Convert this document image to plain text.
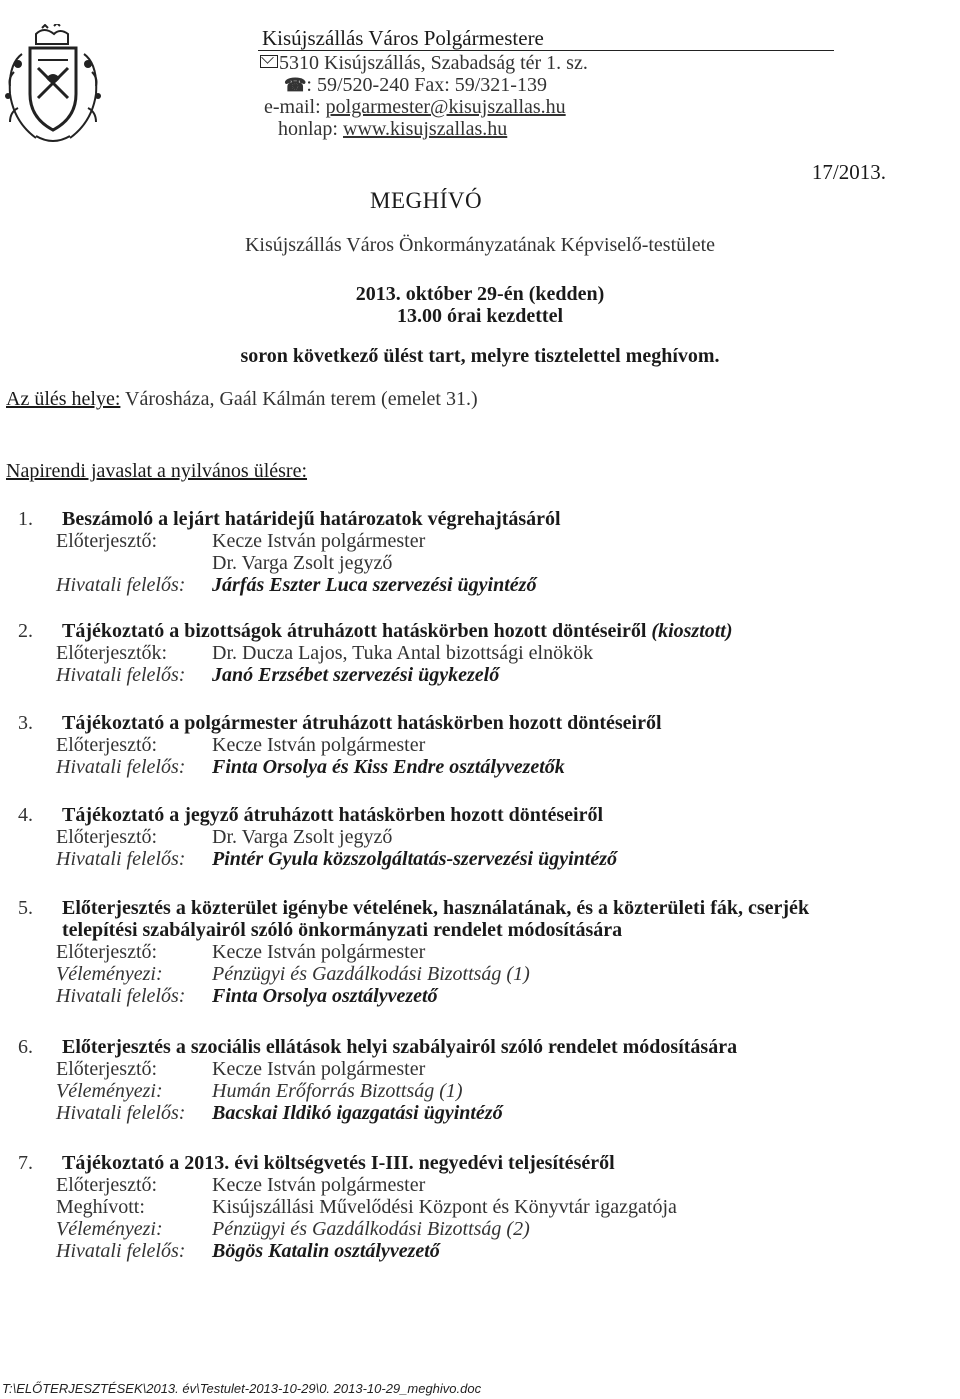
Kisújszállás Város Polgármestere
5310 Kisújszállás, Szabadság tér 1. sz.
☎: 59/520-240 Fax: 59/321-139
e-mail: polgarmester@kisujszallas.hu
honlap: www.kisujszallas.hu
17/2013.
MEGHÍVÓ
Kisújszállás Város Önkormányzatának Képviselő-testülete
2013. október 29-én (kedden)
13.00 órai kezdettel
soron következő ülést tart, melyre tisztelettel meghívom.
Az ülés helye: Városháza, Gaál Kálmán terem (emelet 31.)
Napirendi javaslat a nyilvános ülésre:
1. Beszámoló a lejárt határidejű határozatok végrehajtásáról
Előterjesztő:	Kecze István polgármester
Dr. Varga Zsolt jegyző
Hivatali felelős: Járfás Eszter Luca szervezési ügyintéző
2. Tájékoztató a bizottságok átruházott hatáskörben hozott döntéseiről (kiosztott)
Előterjesztők: Dr. Ducza Lajos, Tuka Antal bizottsági elnökök
Hivatali felelős: Janó Erzsébet szervezési ügykezelő
3. Tájékoztató a polgármester átruházott hatáskörben hozott döntéseiről
Előterjesztő:	Kecze István polgármester
Hivatali felelős: Finta Orsolya és Kiss Endre osztályvezetők
4. Tájékoztató a jegyző átruházott hatáskörben hozott döntéseiről
Előterjesztő:	Dr. Varga Zsolt jegyző
Hivatali felelős: Pintér Gyula közszolgáltatás-szervezési ügyintéző
5. Előterjesztés a közterület igénybe vételének, használatának, és a közterületi fák, cserjék
telepítési szabályairól szóló önkormányzati rendelet módosítására
Előterjesztő:	Kecze István polgármester
Véleményezi: Pénzügyi és Gazdálkodási Bizottság (1)
Hivatali felelős: Finta Orsolya osztályvezető
6. Előterjesztés a szociális ellátások helyi szabályairól szóló rendelet módosítására
Előterjesztő:	Kecze István polgármester
Véleményezi: Humán Erőforrás Bizottság (1)
Hivatali felelős: Bacskai Ildikó igazgatási ügyintéző
7. Tájékoztató a 2013. évi költségvetés I-III. negyedévi teljesítéséről
Előterjesztő:	Kecze István polgármester
Meghívott:	Kisújszállási Művelődési Központ és Könyvtár igazgatója
Véleményezi: Pénzügyi és Gazdálkodási Bizottság (2)
Hivatali felelős: Bögös Katalin osztályvezető
T:\ELŐTERJESZTÉSEK\2013. év\Testulet-2013-10-29\0. 2013-10-29_meghivo.doc
